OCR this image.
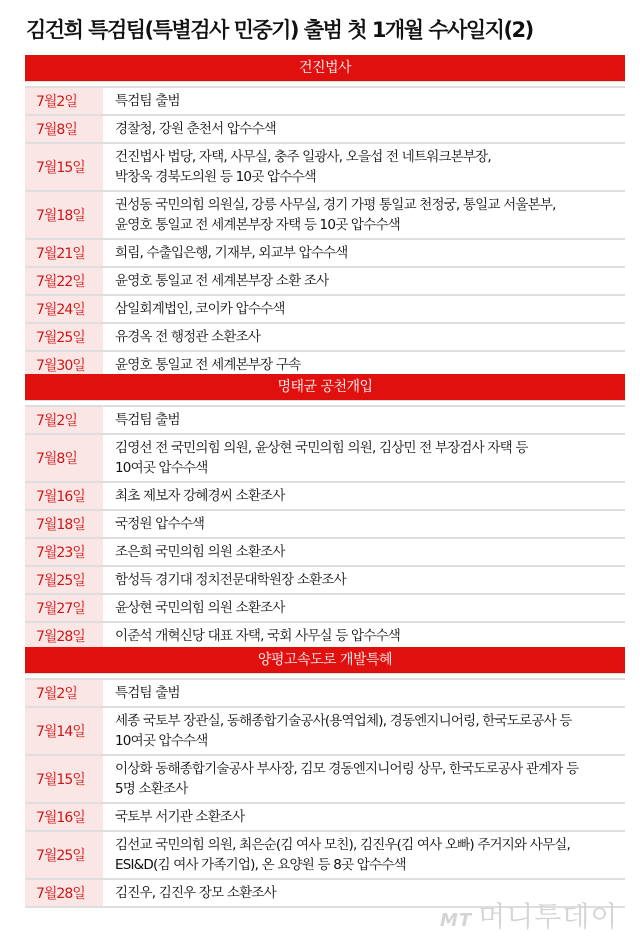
김건희 특검팀(특별검사 민중기) 출범 첫 1개월 수사일지(2)
건진법사
7월2일	특검팀 출범
7월8일	경찰청, 강원 춘천서 압수수색
7월15일
건진법사 법당, 자택, 사무실, 충주 일광사, 오을섭 전 네트워크본부장,
박창욱 경북도의원 등 10곳 압수수색
7월18일
권성동 국민의힘 의원실, 강릉 사무실, 경기 가평 통일교 천정궁, 통일교 서울본부,
윤영호 통일교 전 세계본부장 자택 등 10곳 압수수색
7월21일	희림, 수출입은행, 기재부, 외교부 압수수색
7월22일	윤영호 통일교 전 세계본부장 소환 조사
7월24일	삼일회계법인, 코이카 압수수색
7월25일	유경옥 전 행정관 소환조사
7월30일	윤영호 통일교 전 세계본부장 구속
명태균 공천개입
7월2일	특검팀 출범
7월8일
김영선 전 국민의힘 의원, 윤상현 국민의힘 의원, 김상민 전 부장검사 자택 등
10여곳 압수수색
7월16일	최초 제보자 강혜경씨 소환조사
7월18일	국정원 압수수색
7월23일	조은희 국민의힘 의원 소환조사
7월25일	함성득 경기대 정치전문대학원장 소환조사
7월27일	윤상현 국민의힘 의원 소환조사
7월28일	이준석 개혁신당 대표 자택, 국회 사무실 등 압수수색
양평고속도로 개발특혜
7월2일	특검팀 출범
7월14일
세종 국토부 장관실, 동해종합기술공사(용역업체), 경동엔지니어링, 한국도로공사 등
10여곳 압수수색
7월15일
이상화 동해종합기술공사 부사장, 김모 경동엔지니어링 상무, 한국도로공사 관계자 등
5명 소환조사
7월16일	국토부 서기관 소환조사
7월25일
김선교 국민의힘 의원, 최은순(김 여사 모친), 김진우(김 여사 오빠) 주거지와 사무실,
ESI&D(김 여사 가족기업), 온 요양원 등 8곳 압수수색
7월28일	김진우, 김진우 장모 소환조사
MT 머니투데이
